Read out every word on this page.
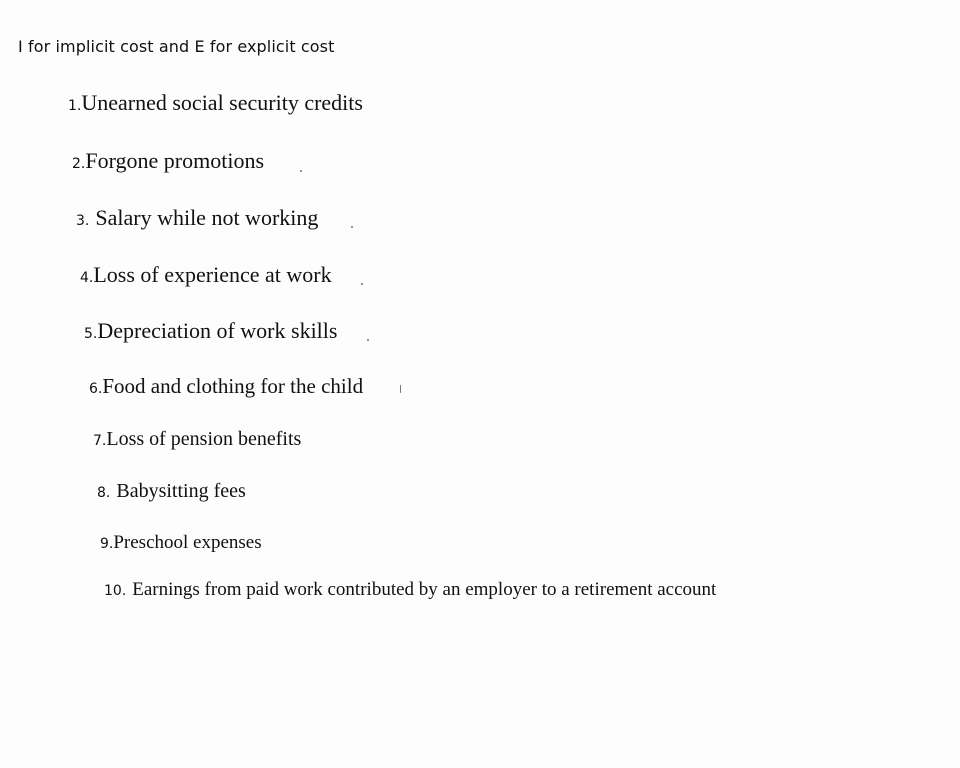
I for implicit cost and E for explicit cost
1.Unearned social security credits
2.Forgone promotions
3. Salary while not working
4.Loss of experience at work
5.Depreciation of work skills
6.Food and clothing for the child
7.Loss of pension benefits
8. Babysitting fees
9.Preschool expenses
10. Earnings from paid work contributed by an employer to a retirement account
